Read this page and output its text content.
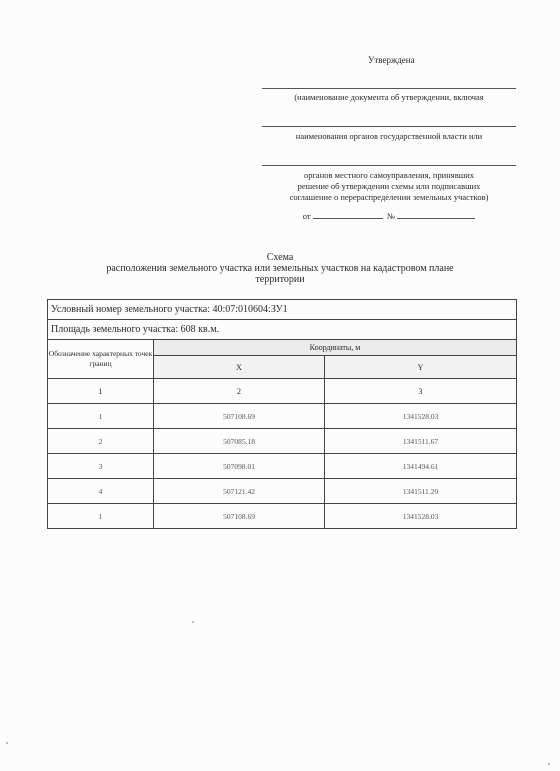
Утверждена
(наименование документа об утверждении, включая
наименования органов государственной власти или
органов местного самоуправления, принявших
решение об утверждении схемы или подписавших
соглашение о перераспределении земельных участков)
от	№
Схема
расположения земельного участка или земельных участков на кадастровом плане
территории
Условный номер земельного участка: 40:07:010604:ЗУ1		
Площадь земельного участка: 608 кв.м.		
Обозначение характерных точек границ	Координаты, м	
	X	Y
1	2	3
1	507108.69	1341528.03
2	507085.18	1341511.67
3	507098.01	1341494.61
4	507121.42	1341511.20
1	507108.69	1341528.03
